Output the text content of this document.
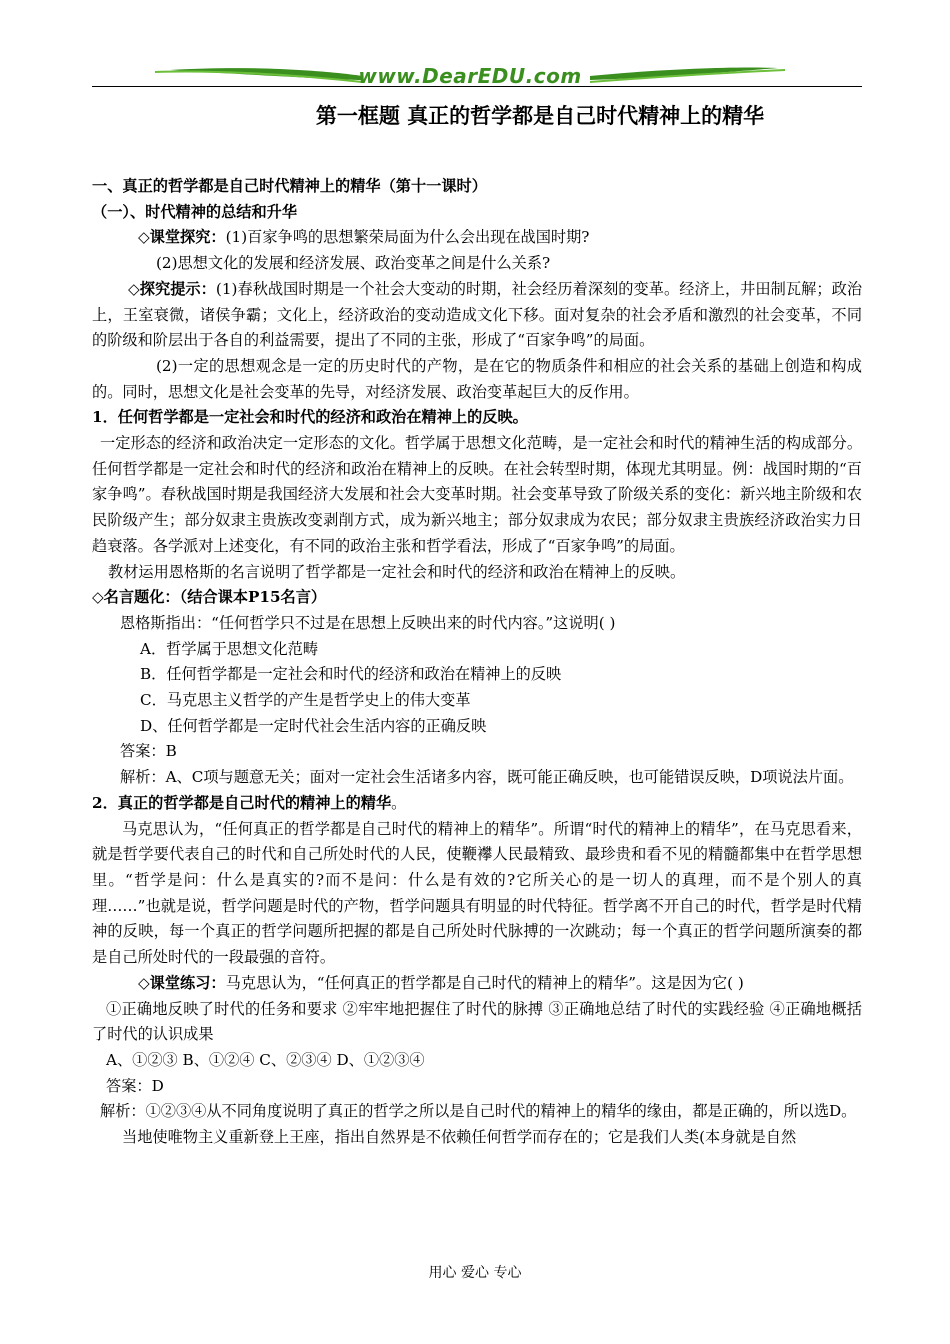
www.DearEDU.com
第一框题 真正的哲学都是自己时代精神上的精华

一、真正的哲学都是自己时代精神上的精华（第十一课时）

（一）、时代精神的总结和升华

◇课堂探究：(1)百家争鸣的思想繁荣局面为什么会出现在战国时期?

(2)思想文化的发展和经济发展、政治变革之间是什么关系?

◇探究提示：(1)春秋战国时期是一个社会大变动的时期，社会经历着深刻的变革。经济上，井田制瓦解；政治上，王室衰微，诸侯争霸；文化上，经济政治的变动造成文化下移。面对复杂的社会矛盾和激烈的社会变革，不同的阶级和阶层出于各自的利益需要，提出了不同的主张，形成了“百家争鸣”的局面。

(2)一定的思想观念是一定的历史时代的产物，是在它的物质条件和相应的社会关系的基础上创造和构成的。同时，思想文化是社会变革的先导，对经济发展、政治变革起巨大的反作用。

1．任何哲学都是一定社会和时代的经济和政治在精神上的反映。

一定形态的经济和政治决定一定形态的文化。哲学属于思想文化范畴，是一定社会和时代的精神生活的构成部分。任何哲学都是一定社会和时代的经济和政治在精神上的反映。在社会转型时期，体现尤其明显。例：战国时期的“百家争鸣”。春秋战国时期是我国经济大发展和社会大变革时期。社会变革导致了阶级关系的变化：新兴地主阶级和农民阶级产生；部分奴隶主贵族改变剥削方式，成为新兴地主；部分奴隶成为农民；部分奴隶主贵族经济政治实力日趋衰落。各学派对上述变化，有不同的政治主张和哲学看法，形成了“百家争鸣”的局面。

教材运用恩格斯的名言说明了哲学都是一定社会和时代的经济和政治在精神上的反映。

◇名言题化：（结合课本P15名言）

恩格斯指出：“任何哲学只不过是在思想上反映出来的时代内容。”这说明( )

A．哲学属于思想文化范畴

B．任何哲学都是一定社会和时代的经济和政治在精神上的反映

C．马克思主义哲学的产生是哲学史上的伟大变革

D、任何哲学都是一定时代社会生活内容的正确反映

答案：B

解析：A、C项与题意无关；面对一定社会生活诸多内容，既可能正确反映，也可能错误反映，D项说法片面。

2．真正的哲学都是自己时代的精神上的精华。

马克思认为，“任何真正的哲学都是自己时代的精神上的精华”。所谓“时代的精神上的精华”，在马克思看来，就是哲学要代表自己的时代和自己所处时代的人民，使鞭襻人民最精致、最珍贵和看不见的精髓都集中在哲学思想里。“哲学是问：什么是真实的?而不是问：什么是有效的?它所关心的是一切人的真理，而不是个别人的真理……”也就是说，哲学问题是时代的产物，哲学问题具有明显的时代特征。哲学离不开自己的时代，哲学是时代精神的反映，每一个真正的哲学问题所把握的都是自己所处时代脉搏的一次跳动；每一个真正的哲学问题所演奏的都是自己所处时代的一段最强的音符。

◇课堂练习：马克思认为，“任何真正的哲学都是自己时代的精神上的精华”。这是因为它( )

①正确地反映了时代的任务和要求 ②牢牢地把握住了时代的脉搏 ③正确地总结了时代的实践经验 ④正确地概括了时代的认识成果

A、①②③ B、①②④ C、②③④ D、①②③④

答案：D

解析：①②③④从不同角度说明了真正的哲学之所以是自己时代的精神上的精华的缘由，都是正确的，所以选D。

当地使唯物主义重新登上王座，指出自然界是不依赖任何哲学而存在的；它是我们人类(本身就是自然

用心 爱心 专心
